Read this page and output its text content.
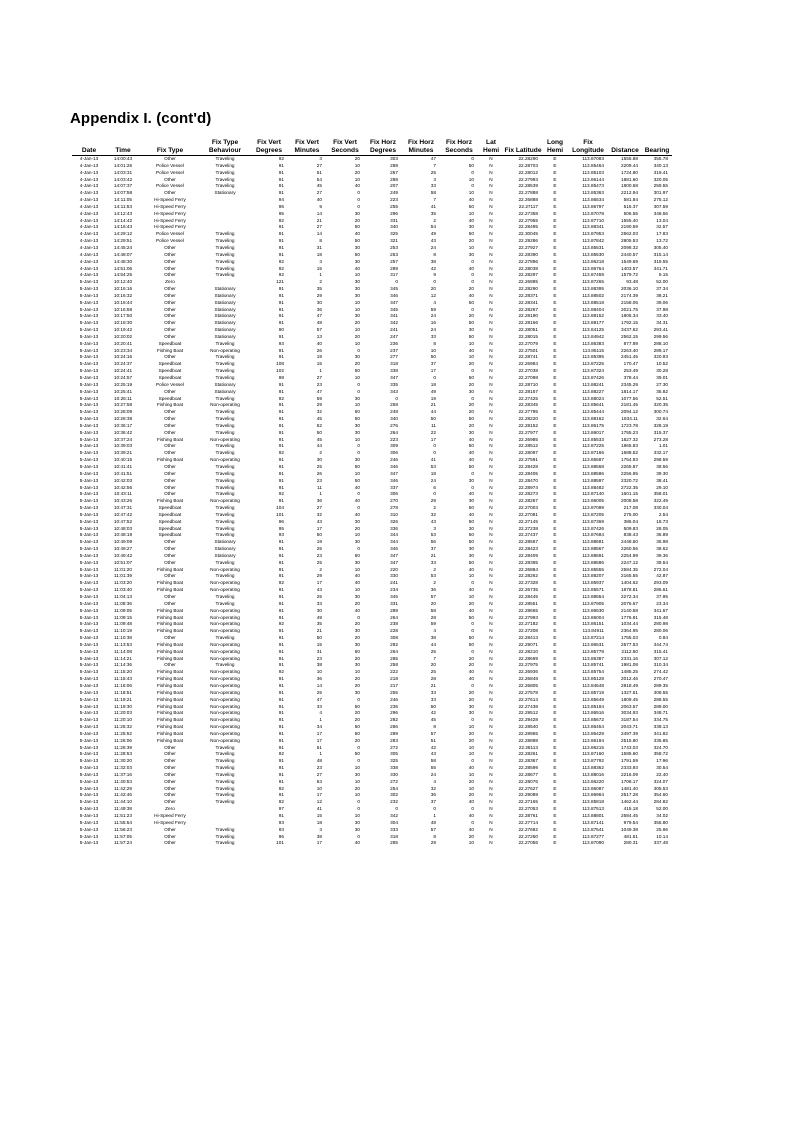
Appendix I. (cont'd)
Date	Time	Fix Type	Fix Type Behaviour	Fix Vert Degrees	Fix Vert Minutes	Fix Vert Seconds	Fix Horz Degrees	Fix Horz Minutes	Fix Horz Seconds	Lat Hemi	Fix Latitude	Long Hemi	Fix Longitude	Distance	Bearing
4-Jan-13	14:00:43	Other	Traveling	92	3	20	303	47	0	N	22.28290	E	113.87083	1555.88	355.78
4-Jan-13	14:01:26	Police Vessel	Traveling	91	27	10	288	7	50	N	22.28703	E	113.85464	2209.44	340.13
4-Jan-13	14:03:31	Police Vessel	Traveling	91	51	20	267	25	0	N	22.28012	E	113.85103	1724.80	319.41
4-Jan-13	14:03:42	Other	Traveling	91	54	10	288	3	10	N	22.27993	E	113.86144	1881.60	320.05
4-Jan-13	14:07:37	Police Vessel	Traveling	91	45	40	207	33	0	N	22.28539	E	113.85473	1800.58	259.55
4-Jan-13	14:07:58	Other	Stationary	91	27	0	249	58	10	N	22.27888	E	113.85363	2212.94	301.97
4-Jan-13	14:11:05	Hi-Speed Ferry		94	40	0	223	7	40	N	22.26888	E	113.86534	581.84	275.12
4-Jan-13	14:11:53	Hi-Speed Ferry		95	9	0	255	41	50	N	22.27117	E	113.86797	515.37	307.59
4-Jan-13	14:12:43	Hi-Speed Ferry		95	14	30	296	35	10	N	22.27358	E	113.87078	506.55	348.56
4-Jan-13	14:14:42	Hi-Speed Ferry		92	21	20	331	2	40	N	22.27955	E	113.87710	1555.40	13.04
4-Jan-13	14:16:43	Hi-Speed Ferry		91	27	50	340	54	30	N	22.28495	E	113.88341	2190.59	32.57
4-Jan-13	14:29:12	Police Vessel	Traveling	91	14	40	325	49	50	N	22.30045	E	113.87953	2562.03	17.83
4-Jan-13	14:29:51	Police Vessel	Traveling	91	8	50	321	43	20	N	22.29286	E	113.87842	2805.53	13.72
4-Jan-13	14:45:24	Other	Traveling	91	31	30	253	24	10	N	22.27927	E	113.85531	2098.32	305.40
4-Jan-13	14:48:07	Other	Traveling	91	18	50	253	8	30	N	22.28390	E	113.85530	2440.57	315.14
4-Jan-13	14:48:30	Other	Traveling	92	3	30	257	38	0	N	22.27896	E	113.86218	1549.69	319.55
4-Jan-13	14:51:06	Other	Traveling	92	15	40	289	42	40	N	22.28038	E	113.86764	1403.57	341.71
4-Jan-13	14:54:25	Other	Traveling	92	1	10	317	9	0	N	22.28297	E	113.87459	1579.72	9.15
5-Jan-13	10:12:40	Zero		121	2	30	0	0	0	N	22.26885	E	113.87265	93.48	52.00
5-Jan-13	10:16:16	Other	Stationary	91	35	30	345	20	20	N	22.28290	E	113.88395	2036.10	37.34
5-Jan-13	10:16:32	Other	Stationary	91	29	30	346	12	40	N	22.28371	E	113.88502	2174.39	38.21
5-Jan-13	10:16:44	Other	Stationary	91	30	10	347	4	50	N	22.28341	E	113.88518	2158.05	39.06
5-Jan-13	10:16:58	Other	Stationary	91	36	10	345	59	0	N	22.28267	E	113.88404	2021.75	37.98
5-Jan-13	10:17:50	Other	Stationary	91	47	30	341	24	20	N	22.28190	E	113.88152	1805.34	33.40
5-Jan-13	10:18:30	Other	Stationary	91	48	20	342	16	50	N	22.28166	E	113.88177	1792.15	34.31
5-Jan-13	10:19:42	Other	Stationary	90	57	10	241	24	30	N	22.28051	E	113.84125	3437.62	293.41
5-Jan-13	10:20:02	Other	Stationary	91	13	20	247	33	50	N	22.28015	E	113.84942	2562.15	299.56
5-Jan-13	10:20:41	Speedboat	Traveling	93	40	10	236	8	10	N	22.27079	E	113.86383	877.89	288.10
5-Jan-13	10:23:34	Fishing Boat	Non-operating	91	26	0	237	10	40	N	22.27501	E	113.85115	2263.40	289.17
5-Jan-13	10:24:16	Other	Traveling	91	19	30	277	50	10	N	22.28741	E	113.85395	2451.45	320.93
5-Jan-13	10:24:37	Speedboat	Traveling	108	15	20	318	37	20	N	22.26984	E	113.87225	170.47	10.52
5-Jan-13	10:24:41	Speedboat	Traveling	102	1	50	338	17	0	N	22.27038	E	113.87324	253.49	30.28
5-Jan-13	10:24:57	Speedboat	Traveling	98	27	10	347	0	50	N	22.27098	E	113.87426	378.44	39.01
5-Jan-13	10:25:19	Police Vessel	Stationary	91	23	0	335	18	20	N	22.28710	E	113.88241	2345.29	27.30
5-Jan-13	10:25:41	Other	Stationary	91	47	0	343	49	30	N	22.28157	E	113.88227	1814.17	35.82
5-Jan-13	10:26:11	Speedboat	Traveling	92	59	30	0	19	0	N	22.27425	E	113.88024	1077.56	52.51
5-Jan-13	10:27:58	Fishing Boat	Non-operating	91	29	10	258	21	20	N	22.28345	E	113.85641	2181.45	320.35
5-Jan-13	10:28:09	Other	Traveling	91	32	50	248	44	20	N	22.27795	E	113.85444	2094.12	300.74
5-Jan-13	10:28:38	Other	Traveling	91	45	50	340	50	50	N	22.28220	E	113.88162	1834.11	32.64
5-Jan-13	10:36:17	Other	Traveling	91	52	30	276	11	20	N	22.28152	E	113.86175	1723.78	328.19
5-Jan-13	10:36:42	Other	Traveling	91	50	30	264	22	30	N	22.27977	E	113.86017	1755.23	315.37
5-Jan-13	10:37:24	Fishing Boat	Non-operating	91	45	10	223	17	40	N	22.26985	E	113.85533	1827.32	273.28
5-Jan-13	10:39:03	Other	Traveling	91	44	0	309	0	50	N	22.28512	E	113.87225	1865.83	1.01
5-Jan-13	10:39:21	Other	Traveling	92	2	0	306	0	40	N	22.28097	E	113.87166	1588.52	332.17
5-Jan-13	10:40:15	Fishing Boat	Non-operating	91	30	30	246	41	40	N	22.27591	E	113.85587	1754.93	298.59
5-Jan-13	10:41:41	Other	Traveling	91	25	50	346	53	50	N	22.28428	E	113.88568	2265.87	38.56
5-Jan-13	10:41:51	Other	Traveling	91	26	10	347	18	0	N	22.28405	E	113.88586	2256.95	39.30
5-Jan-13	10:42:03	Other	Traveling	91	23	50	346	24	30	N	22.28470	E	113.88597	2320.72	38.41
5-Jan-13	10:42:56	Other	Traveling	91	11	40	337	6	0	N	22.28974	E	113.88482	2722.35	29.10
5-Jan-13	10:43:11	Other	Traveling	92	1	0	306	0	40	N	22.28273	E	113.87140	1601.15	358.01
5-Jan-13	10:43:26	Fishing Boat	Non-operating	91	36	40	270	29	30	N	22.28267	E	113.86005	2008.58	322.49
5-Jan-13	10:47:31	Speedboat	Traveling	104	27	0	278	2	50	N	22.27003	E	113.87089	217.08	330.04
5-Jan-13	10:47:42	Speedboat	Traveling	101	32	40	310	32	40	N	22.27081	E	113.87205	275.00	2.54
5-Jan-13	10:47:52	Speedboat	Traveling	96	43	30	326	43	50	N	22.27145	E	113.87369	386.04	18.73
5-Jan-13	10:48:03	Speedboat	Traveling	95	17	20	336	3	30	N	22.27238	E	113.87426	509.83	28.05
5-Jan-13	10:48:19	Speedboat	Traveling	93	50	10	344	53	50	N	22.27437	E	113.87684	838.43	36.89
5-Jan-13	10:49:09	Other	Stationary	91	19	30	344	56	50	N	22.28567	E	113.88681	2448.50	36.98
5-Jan-13	10:49:27	Other	Stationary	91	25	0	346	37	30	N	22.28423	E	113.88567	2260.56	38.62
5-Jan-13	10:49:42	Other	Stationary	91	23	50	347	21	30	N	22.28409	E	113.88591	2254.99	39.36
5-Jan-13	10:51:07	Other	Traveling	91	25	30	347	33	50	N	22.28395	E	113.88586	2247.12	39.54
5-Jan-13	11:01:20	Fishing Boat	Non-operating	91	2	10	220	2	40	N	22.26884	E	113.85555	2584.35	272.04
5-Jan-13	11:01:39	Other	Traveling	91	29	40	330	53	10	N	22.28262	E	113.88207	2165.55	42.87
5-Jan-13	11:03:20	Fishing Boat	Non-operating	92	17	40	241	2	0	N	22.27328	E	113.85937	1404.62	293.09
5-Jan-13	11:03:40	Fishing Boat	Non-operating	91	43	10	234	36	40	N	22.26735	E	113.85571	1878.81	285.61
5-Jan-13	11:04:13	Other	Traveling	91	25	30	345	57	10	N	22.28445	E	113.88554	2272.34	37.95
5-Jan-13	11:08:36	Other	Traveling	91	33	20	331	20	20	N	22.28551	E	113.87905	2076.67	23.34
5-Jan-13	11:09:05	Fishing Boat	Non-operating	91	30	40	289	58	40	N	22.28665	E	113.86530	2140.58	341.57
5-Jan-13	11:09:15	Fishing Boat	Non-operating	91	49	0	264	28	50	N	22.27993	E	113.86004	1776.81	315.48
5-Jan-13	11:09:48	Fishing Boat	Non-operating	92	35	20	238	59	0	N	22.27182	E	113.86151	1034.44	280.98
5-Jan-13	11:10:19	Fishing Boat	Non-operating	91	21	30	228	4	0	N	22.27208	E	113.84911	2364.95	280.06
5-Jan-13	11:10:38	Other	Traveling	91	50	20	308	38	50	N	22.28413	E	113.87214	1755.03	0.84
5-Jan-13	11:13:53	Fishing Boat	Non-operating	91	15	30	292	44	50	N	22.29071	E	113.86531	2577.53	344.74
5-Jan-13	11:14:08	Fishing Boat	Non-operating	91	31	50	264	25	0	N	22.28210	E	113.85778	2112.50	315.41
5-Jan-13	11:14:21	Fishing Boat	Non-operating	91	23	20	285	7	20	N	22.28699	E	113.86387	2331.16	307.12
5-Jan-13	11:14:36	Other	Traveling	91	38	30	258	20	20	N	22.27975	E	113.85741	1981.08	310.34
5-Jan-13	11:15:20	Fishing Boat	Non-operating	92	10	10	222	25	40	N	22.26936	E	113.85754	1485.25	274.42
5-Jan-13	11:15:43	Fishing Boat	Non-operating	91	36	20	218	28	40	N	22.26848	E	113.85128	2012.46	270.47
5-Jan-13	11:16:06	Fishing Boat	Non-operating	91	14	20	217	21	0	N	22.26805	E	113.84648	2818.49	289.35
5-Jan-13	11:18:51	Fishing Boat	Non-operating	91	25	30	255	33	20	N	22.27578	E	113.85719	1327.51	308.55
5-Jan-13	11:19:21	Fishing Boat	Non-operating	91	47	0	246	33	20	N	22.27613	E	113.85649	1809.45	288.55
5-Jan-13	11:19:30	Fishing Boat	Non-operating	91	33	50	236	50	30	N	22.27438	E	113.85194	2063.57	289.00
5-Jan-13	11:20:03	Fishing Boat	Non-operating	91	4	20	296	42	30	N	22.29512	E	113.86516	3034.93	348.71
5-Jan-13	11:20:10	Fishing Boat	Non-operating	91	1	20	282	45	0	N	22.29428	E	113.85672	3187.54	334.75
5-Jan-13	11:25:32	Fishing Boat	Non-operating	91	34	50	286	8	10	N	22.28540	E	113.86454	2043.71	338.13
5-Jan-13	11:25:52	Fishing Boat	Non-operating	91	17	50	289	57	20	N	22.28965	E	113.86429	2497.39	341.82
5-Jan-13	11:26:06	Fishing Boat	Non-operating	91	17	20	283	51	20	N	22.28898	E	113.86194	2515.80	335.85
5-Jan-13	11:26:39	Other	Traveling	91	51	0	272	42	10	N	22.28113	E	113.86215	1743.03	324.70
5-Jan-13	11:28:53	Other	Traveling	92	1	50	305	43	10	N	22.28261	E	113.87160	1585.60	358.72
5-Jan-13	11:30:20	Other	Traveling	91	48	0	325	58	0	N	22.28367	E	113.87792	1791.59	17.96
5-Jan-13	11:32:03	Other	Traveling	91	23	10	338	55	40	N	22.28599	E	113.88362	2333.93	30.54
5-Jan-13	11:37:16	Other	Traveling	91	27	30	330	24	10	N	22.28677	E	113.88016	2216.09	22.40
5-Jan-13	11:40:53	Other	Traveling	91	53	10	272	4	20	N	22.28076	E	113.86220	1708.17	324.07
5-Jan-13	11:42:29	Other	Traveling	92	10	20	254	32	10	N	22.27627	E	113.86087	1481.40	305.53
5-Jan-13	11:42:46	Other	Traveling	91	17	10	302	36	20	N	22.29089	E	113.86964	2517.28	354.60
5-Jan-13	11:44:10	Other	Traveling	92	12	0	232	37	40	N	22.27165	E	113.85818	1462.44	284.82
5-Jan-13	11:49:38	Zero		97	41	0	0	0	0	N	22.27053	E	113.87513	415.18	52.00
5-Jan-13	11:51:23	Hi-Speed Ferry		91	15	10	342	1	40	N	22.28761	E	113.88801	2584.45	34.02
5-Jan-13	11:55:54	Hi-Speed Ferry		93	18	30	304	48	0	N	22.27714	E	113.87141	979.54	355.80
5-Jan-13	11:56:23	Other	Traveling	93	3	30	333	57	40	N	22.27682	E	113.87541	1049.38	25.96
5-Jan-13	11:57:05	Other	Traveling	96	38	0	318	8	20	N	22.27260	E	113.87277	481.51	10.14
5-Jan-13	11:57:24	Other	Traveling	101	17	40	285	29	10	N	22.27056	E	113.87090	280.31	337.48
